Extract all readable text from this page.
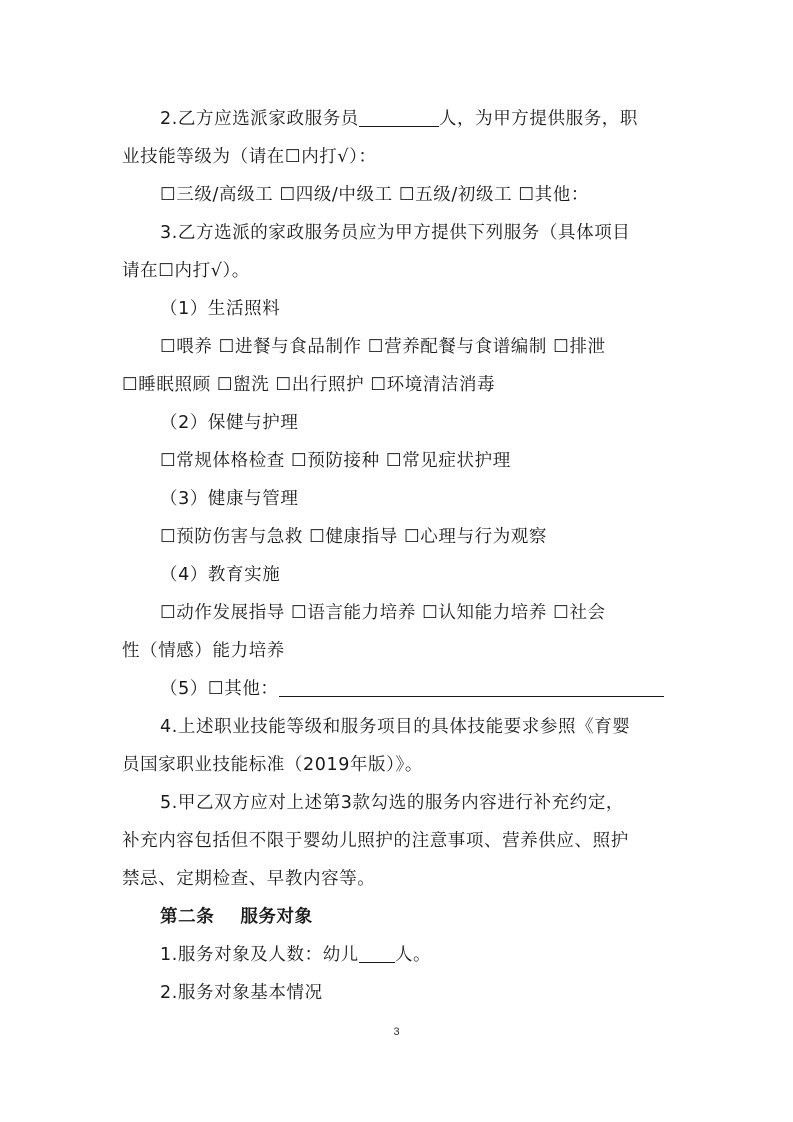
2.乙方应选派家政服务员	人，为甲方提供服务，职
业技能等级为（请在☐内打√）：
☐三级/高级工 ☐四级/中级工 ☐五级/初级工 ☐其他：
3.乙方选派的家政服务员应为甲方提供下列服务（具体项目
请在☐内打√）。
（1）生活照料
☐喂养 ☐进餐与食品制作 ☐营养配餐与食谱编制 ☐排泄
☐睡眠照顾 ☐盥洗 ☐出行照护 ☐环境清洁消毒
（2）保健与护理
☐常规体格检查 ☐预防接种 ☐常见症状护理
（3）健康与管理
☐预防伤害与急救 ☐健康指导 ☐心理与行为观察
（4）教育实施
☐动作发展指导 ☐语言能力培养 ☐认知能力培养 ☐社会
性（情感）能力培养
（5）☐其他：
4.上述职业技能等级和服务项目的具体技能要求参照《育婴
员国家职业技能标准（2019年版）》。
5.甲乙双方应对上述第3款勾选的服务内容进行补充约定，
补充内容包括但不限于婴幼儿照护的注意事项、营养供应、照护
禁忌、定期检查、早教内容等。
第二条 服务对象
1.服务对象及人数：幼儿 人。
2.服务对象基本情况
3
